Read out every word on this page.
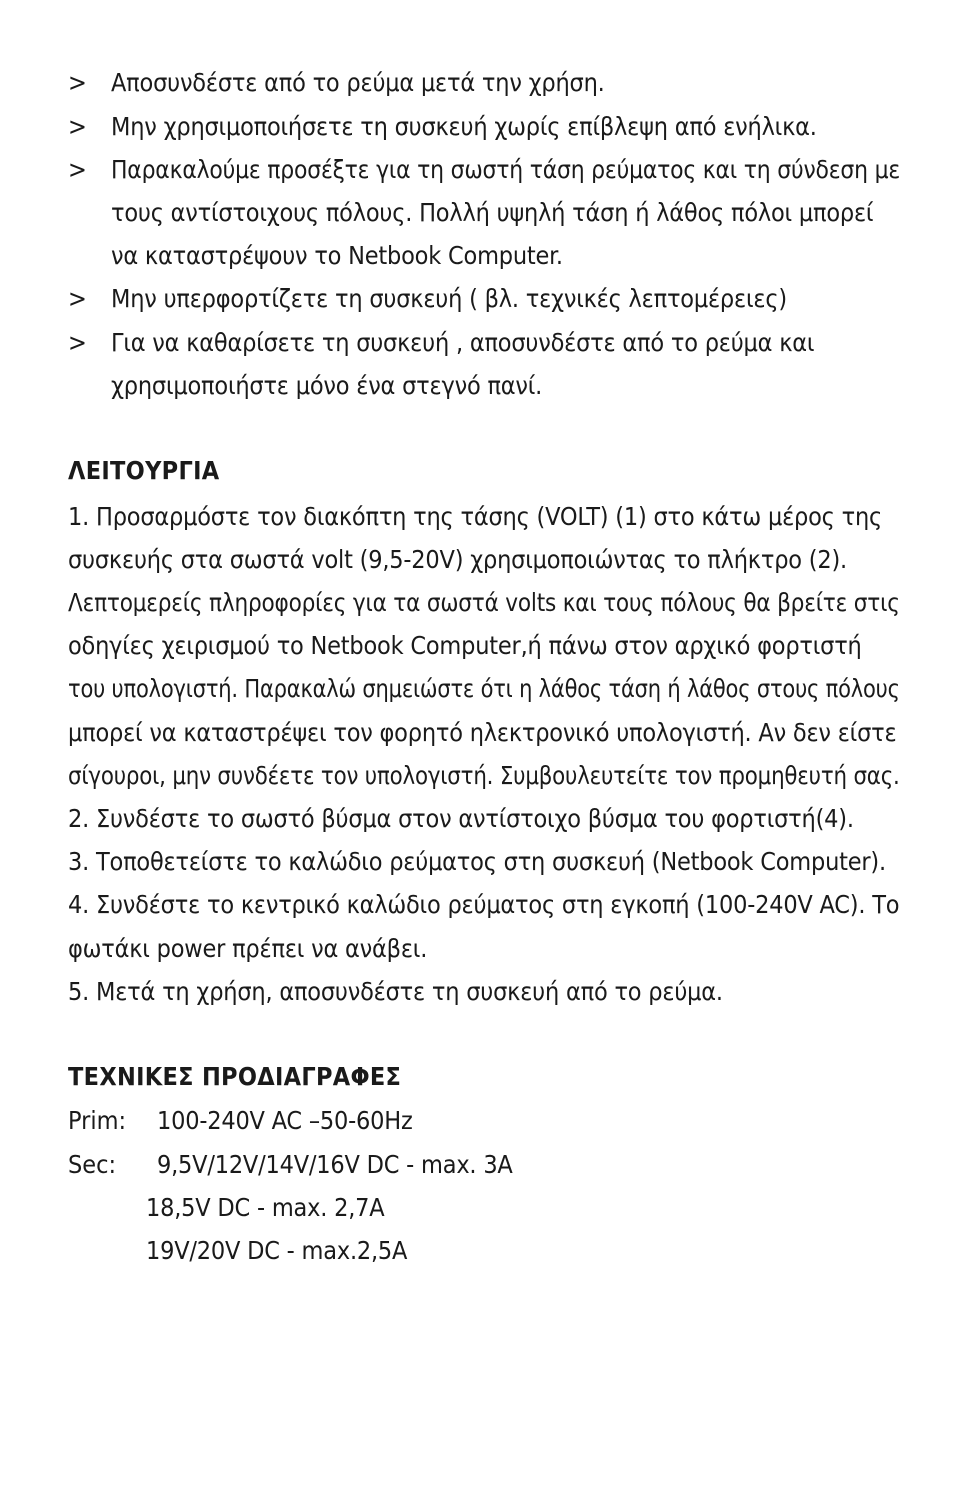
> Αποσυνδέστε από το ρεύμα μετά την χρήση.
> Μην χρησιμοποιήσετε τη συσκευή χωρίς επίβλεψη από ενήλικα.
> Παρακαλούμε προσέξτε για τη σωστή τάση ρεύματος και τη σύνδεση με
τους αντίστοιχους πόλους. Πολλή υψηλή τάση ή λάθος πόλοι μπορεί
να καταστρέψουν το Netbook Computer.
> Μην υπερφορτίζετε τη συσκευή ( βλ. τεχνικές λεπτομέρειες)
> Για να καθαρίσετε τη συσκευή , αποσυνδέστε από το ρεύμα και
χρησιμοποιήστε μόνο ένα στεγνό πανί.
ΛΕΙΤΟΥΡΓΙΑ
1. Προσαρμόστε τον διακόπτη της τάσης (VOLT) (1) στο κάτω μέρος της
συσκευής στα σωστά volt (9,5-20V) χρησιμοποιώντας το πλήκτρο (2).
Λεπτομερείς πληροφορίες για τα σωστά volts και τους πόλους θα βρείτε στις
οδηγίες χειρισμού το Netbook Computer,ή πάνω στον αρχικό φορτιστή
του υπολογιστή. Παρακαλώ σημειώστε ότι η λάθος τάση ή λάθος στους πόλους
μπορεί να καταστρέψει τον φορητό ηλεκτρονικό υπολογιστή. Αν δεν είστε
σίγουροι, μην συνδέετε τον υπολογιστή. Συμβουλευτείτε τον προμηθευτή σας.
2. Συνδέστε το σωστό βύσμα στον αντίστοιχο βύσμα του φορτιστή(4).
3. Τοποθετείστε το καλώδιο ρεύματος στη συσκευή (Netbook Computer).
4. Συνδέστε το κεντρικό καλώδιο ρεύματος στη εγκοπή (100-240V AC). Το
φωτάκι power πρέπει να ανάβει.
5. Μετά τη χρήση, αποσυνδέστε τη συσκευή από το ρεύμα.
ΤΕΧΝΙΚΕΣ ΠΡΟΔΙΑΓΡΑΦΕΣ
Prim: 100-240V AC –50-60Hz
Sec: 9,5V/12V/14V/16V DC - max. 3A
18,5V DC - max. 2,7A
19V/20V DC - max.2,5A
